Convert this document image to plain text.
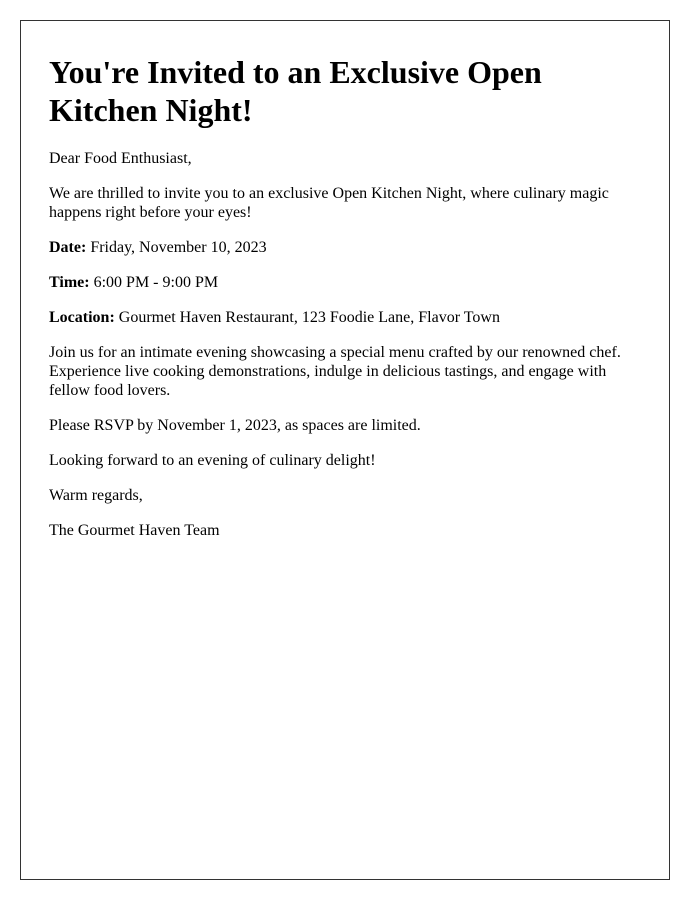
You're Invited to an Exclusive Open Kitchen Night!

Dear Food Enthusiast,

We are thrilled to invite you to an exclusive Open Kitchen Night, where culinary magic happens right before your eyes!

Date: Friday, November 10, 2023

Time: 6:00 PM - 9:00 PM

Location: Gourmet Haven Restaurant, 123 Foodie Lane, Flavor Town

Join us for an intimate evening showcasing a special menu crafted by our renowned chef. Experience live cooking demonstrations, indulge in delicious tastings, and engage with fellow food lovers.

Please RSVP by November 1, 2023, as spaces are limited.

Looking forward to an evening of culinary delight!

Warm regards,

The Gourmet Haven Team
